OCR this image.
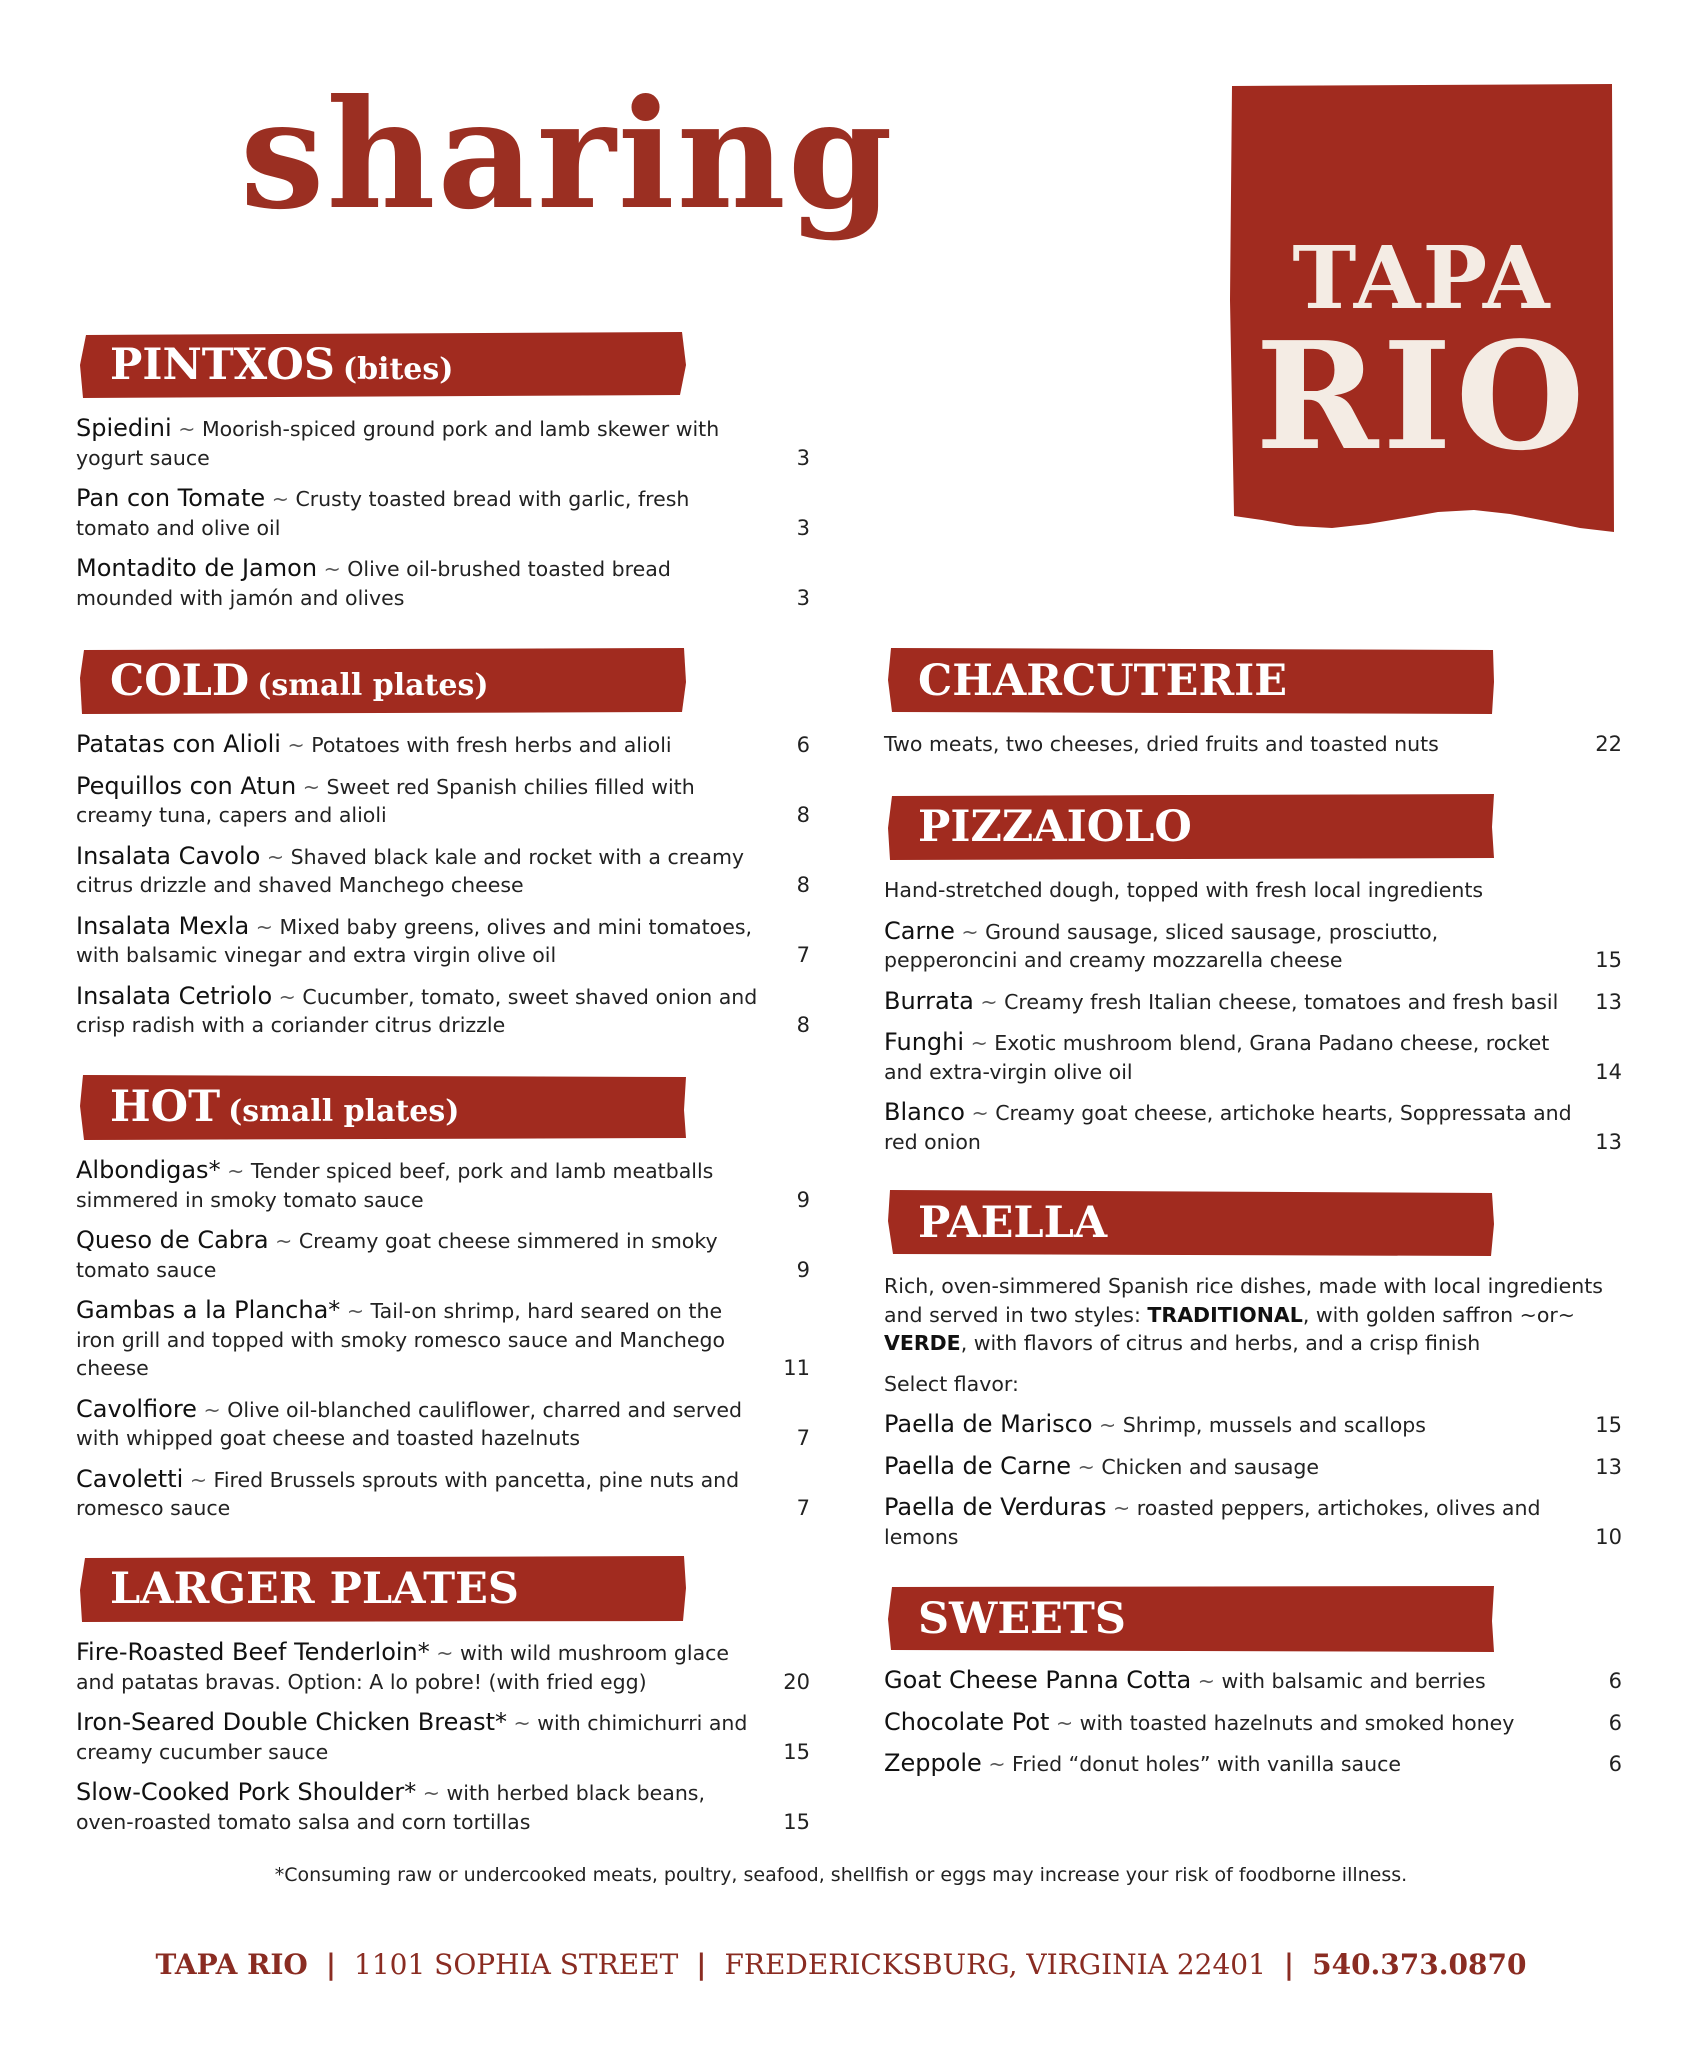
sharing
TAPA
RIO
PINTXOS (bites)
Spiedini ~ Moorish-spiced ground pork and lamb skewer with yogurt sauce	3
Pan con Tomate ~ Crusty toasted bread with garlic, fresh tomato and olive oil	3
Montadito de Jamon ~ Olive oil-brushed toasted bread mounded with jamón and olives	3
COLD (small plates)
Patatas con Alioli ~ Potatoes with fresh herbs and alioli	6
Pequillos con Atun ~ Sweet red Spanish chilies filled with creamy tuna, capers and alioli	8
Insalata Cavolo ~ Shaved black kale and rocket with a creamy citrus drizzle and shaved Manchego cheese	8
Insalata Mexla ~ Mixed baby greens, olives and mini tomatoes, with balsamic vinegar and extra virgin olive oil	7
Insalata Cetriolo ~ Cucumber, tomato, sweet shaved onion and crisp radish with a coriander citrus drizzle	8
HOT (small plates)
Albondigas* ~ Tender spiced beef, pork and lamb meatballs simmered in smoky tomato sauce	9
Queso de Cabra ~ Creamy goat cheese simmered in smoky tomato sauce	9
Gambas a la Plancha* ~ Tail-on shrimp, hard seared on the iron grill and topped with smoky romesco sauce and Manchego cheese	11
Cavolfiore ~ Olive oil-blanched cauliflower, charred and served with whipped goat cheese and toasted hazelnuts	7
Cavoletti ~ Fired Brussels sprouts with pancetta, pine nuts and romesco sauce	7
LARGER PLATES
Fire-Roasted Beef Tenderloin* ~ with wild mushroom glace and patatas bravas. Option: A lo pobre! (with fried egg)	20
Iron-Seared Double Chicken Breast* ~ with chimichurri and creamy cucumber sauce	15
Slow-Cooked Pork Shoulder* ~ with herbed black beans, oven-roasted tomato salsa and corn tortillas	15
CHARCUTERIE
Two meats, two cheeses, dried fruits and toasted nuts	22
PIZZAIOLO
Hand-stretched dough, topped with fresh local ingredients
Carne ~ Ground sausage, sliced sausage, prosciutto, pepperoncini and creamy mozzarella cheese	15
Burrata ~ Creamy fresh Italian cheese, tomatoes and fresh basil	13
Funghi ~ Exotic mushroom blend, Grana Padano cheese, rocket and extra-virgin olive oil	14
Blanco ~ Creamy goat cheese, artichoke hearts, Soppressata and red onion	13
PAELLA
Rich, oven-simmered Spanish rice dishes, made with local ingredients and served in two styles: TRADITIONAL, with golden saffron ~or~ VERDE, with flavors of citrus and herbs, and a crisp finish
Select flavor:
Paella de Marisco ~ Shrimp, mussels and scallops	15
Paella de Carne ~ Chicken and sausage	13
Paella de Verduras ~ roasted peppers, artichokes, olives and lemons	10
SWEETS
Goat Cheese Panna Cotta ~ with balsamic and berries	6
Chocolate Pot ~ with toasted hazelnuts and smoked honey	6
Zeppole ~ Fried “donut holes” with vanilla sauce	6
*Consuming raw or undercooked meats, poultry, seafood, shellfish or eggs may increase your risk of foodborne illness.
TAPA RIO | 1101 SOPHIA STREET | FREDERICKSBURG, VIRGINIA 22401 | 540.373.0870
